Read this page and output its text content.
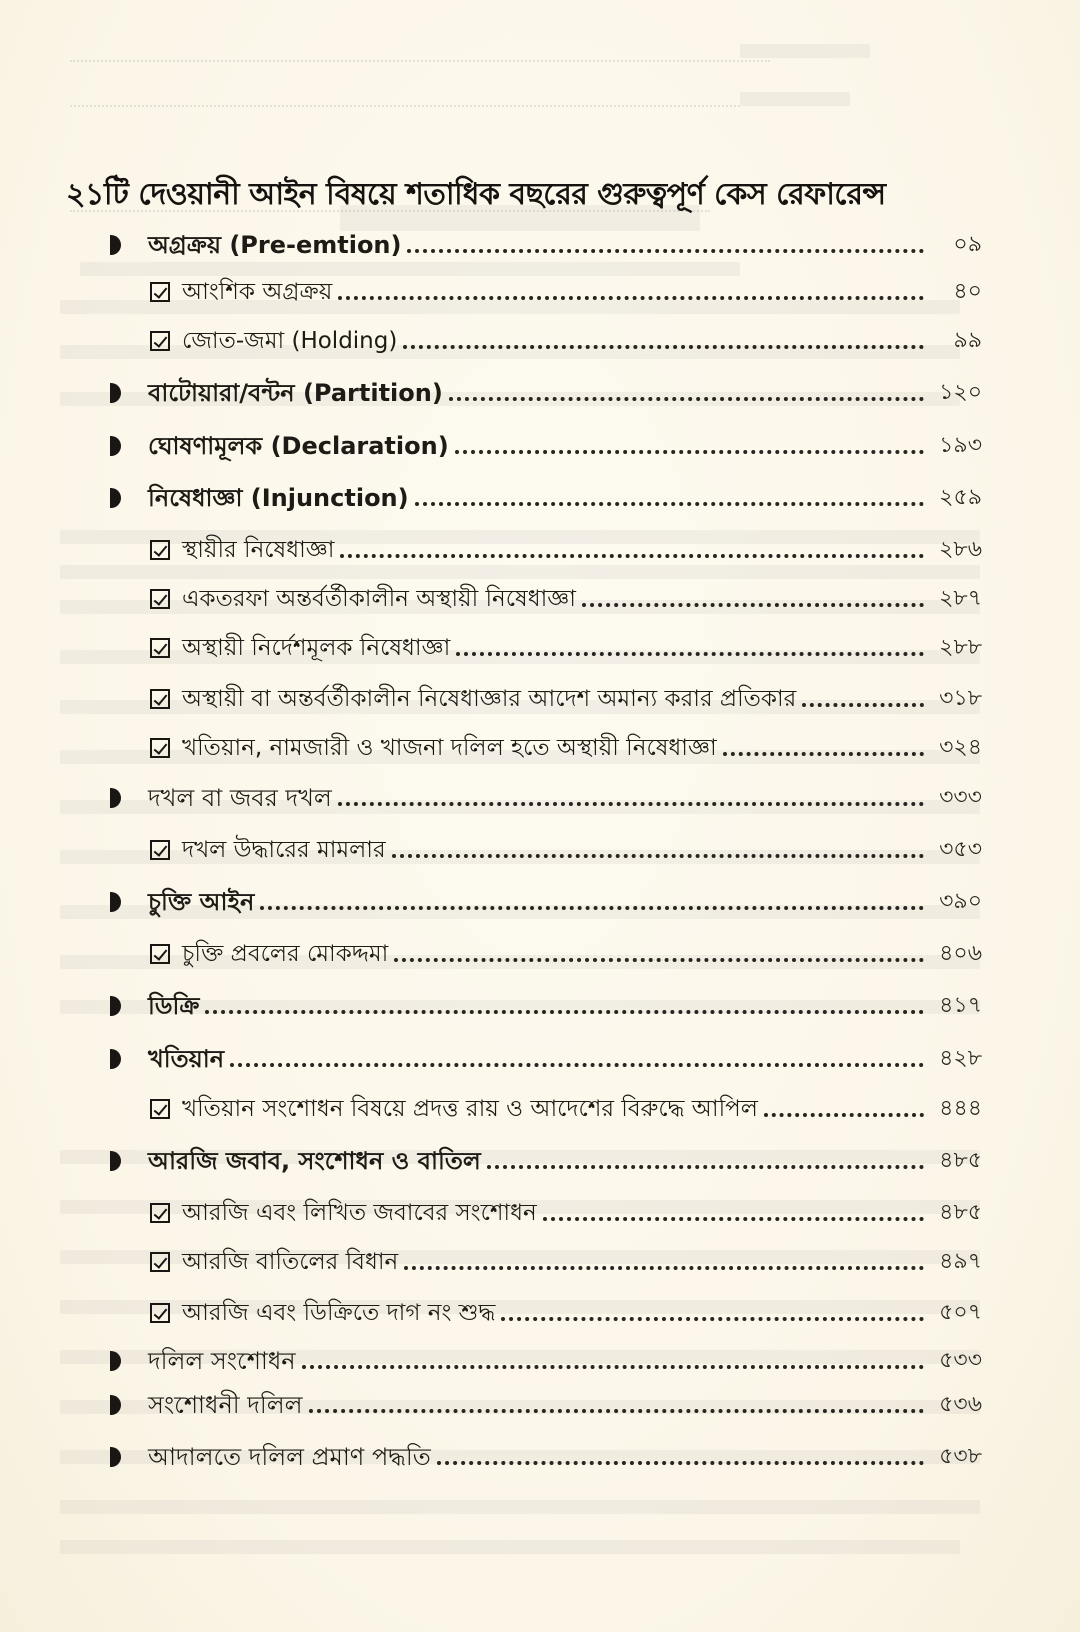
২১টি দেওয়ানী আইন বিষয়ে শতাধিক বছরের গুরুত্বপূর্ণ কেস রেফারেন্স
অগ্রক্রয় (Pre-emtion)	০৯
আংশিক অগ্রক্রয়	৪০
জোত-জমা (Holding)	৯৯
বাটোয়ারা/বন্টন (Partition)	১২০
ঘোষণামূলক (Declaration)	১৯৩
নিষেধাজ্ঞা (Injunction)	২৫৯
স্থায়ীর নিষেধাজ্ঞা	২৮৬
একতরফা অন্তর্বর্তীকালীন অস্থায়ী নিষেধাজ্ঞা	২৮৭
অস্থায়ী নির্দেশমূলক নিষেধাজ্ঞা	২৮৮
অস্থায়ী বা অন্তর্বর্তীকালীন নিষেধাজ্ঞার আদেশ অমান্য করার প্রতিকার	৩১৮
খতিয়ান, নামজারী ও খাজনা দলিল হতে অস্থায়ী নিষেধাজ্ঞা	৩২৪
দখল বা জবর দখল	৩৩৩
দখল উদ্ধারের মামলার	৩৫৩
চুক্তি আইন	৩৯০
চুক্তি প্রবলের মোকদ্দমা	৪০৬
ডিক্রি	৪১৭
খতিয়ান	৪২৮
খতিয়ান সংশোধন বিষয়ে প্রদত্ত রায় ও আদেশের বিরুদ্ধে আপিল	৪৪৪
আরজি জবাব, সংশোধন ও বাতিল	৪৮৫
আরজি এবং লিখিত জবাবের সংশোধন	৪৮৫
আরজি বাতিলের বিধান	৪৯৭
আরজি এবং ডিক্রিতে দাগ নং শুদ্ধ	৫০৭
দলিল সংশোধন	৫৩৩
সংশোধনী দলিল	৫৩৬
আদালতে দলিল প্রমাণ পদ্ধতি	৫৩৮
